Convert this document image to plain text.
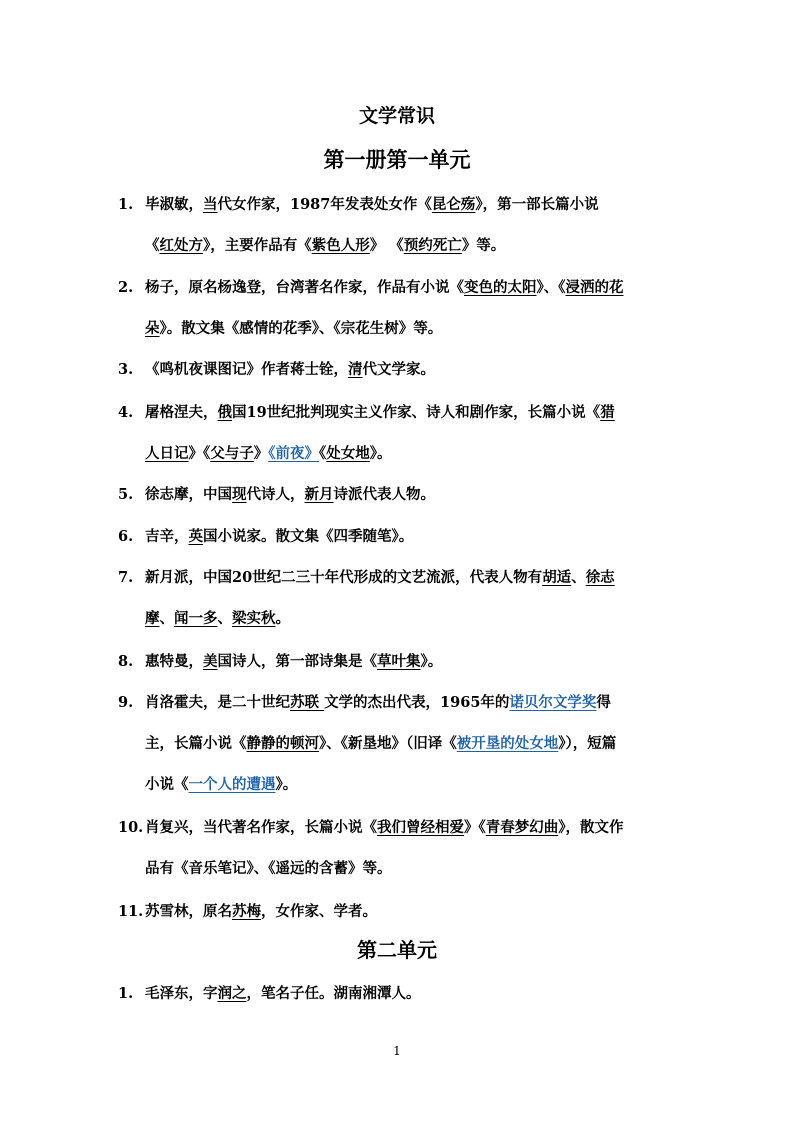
文学常识
第一册第一单元
第二单元
1. 毕淑敏，当代女作家，1987年发表处女作《昆仑殇》，第一部长篇小说
《红处方》，主要作品有《紫色人形》 《预约死亡》等。
2. 杨子，原名杨逸登，台湾著名作家，作品有小说《变色的太阳》、《浸洒的花
朵》。散文集《感情的花季》、《宗花生树》等。
3. 《鸣机夜课图记》作者蒋士铨，清代文学家。
4. 屠格涅夫，俄国19世纪批判现实主义作家、诗人和剧作家，长篇小说《猎
人日记》《父与子》《前夜》《处女地》。
5. 徐志摩，中国现代诗人，新月诗派代表人物。
6. 吉辛，英国小说家。散文集《四季随笔》。
7. 新月派，中国20世纪二三十年代形成的文艺流派，代表人物有胡适、徐志
摩、闻一多、梁实秋。
8. 惠特曼，美国诗人，第一部诗集是《草叶集》。
9. 肖洛霍夫，是二十世纪苏联 文学的杰出代表，1965年的诺贝尔文学奖得
主，长篇小说《静静的顿河》、《新垦地》（旧译《被开垦的处女地》），短篇
小说《一个人的遭遇》。
10. 肖复兴，当代著名作家，长篇小说《我们曾经相爱》《青春梦幻曲》，散文作
品有《音乐笔记》、《遥远的含蓄》等。
11. 苏雪林，原名苏梅，女作家、学者。
1. 毛泽东，字润之，笔名子任。湖南湘潭人。
1
